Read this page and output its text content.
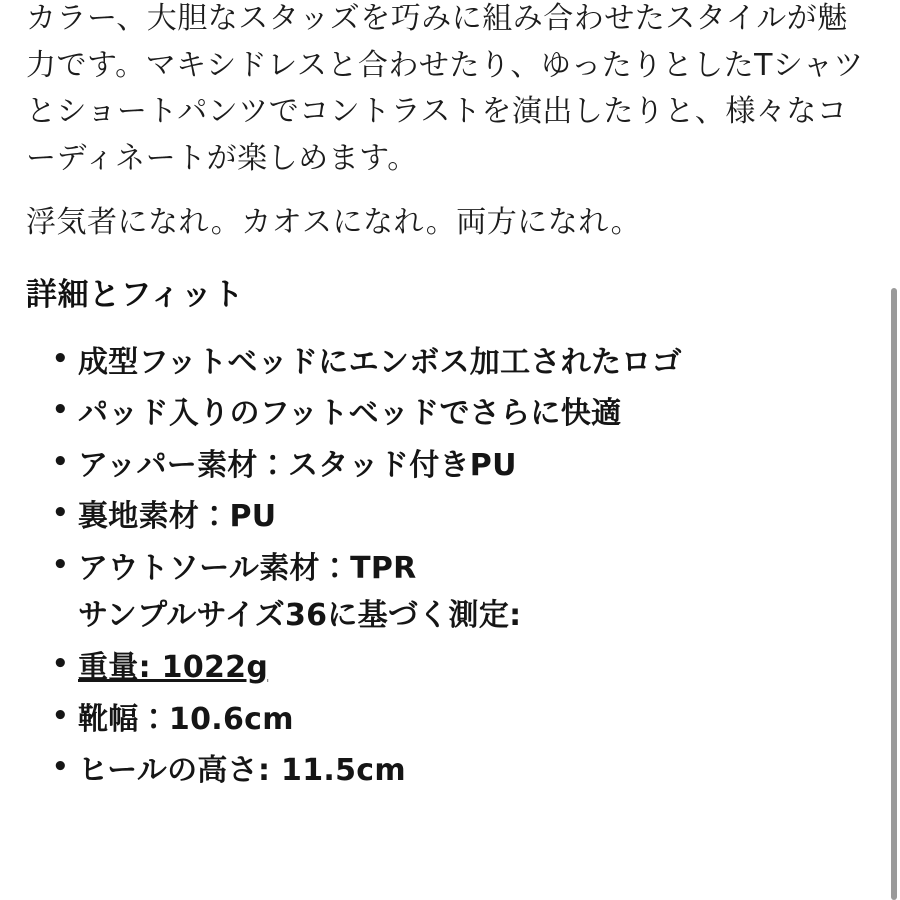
カラー、大胆なスタッズを巧みに組み合わせたスタイルが魅力です。マキシドレスと合わせたり、ゆったりとしたTシャツとショートパンツでコントラストを演出したりと、様々なコーディネートが楽しめます。

浮気者になれ。カオスになれ。両方になれ。

詳細とフィット
• 成型フットベッドにエンボス加工されたロゴ
• パッド入りのフットベッドでさらに快適
• アッパー素材：スタッド付きPU
• 裏地素材：PU
• アウトソール素材：TPR
サンプルサイズ36に基づく測定:
• 重量: 1022g
• 靴幅：10.6cm
• ヒールの高さ: 11.5cm
